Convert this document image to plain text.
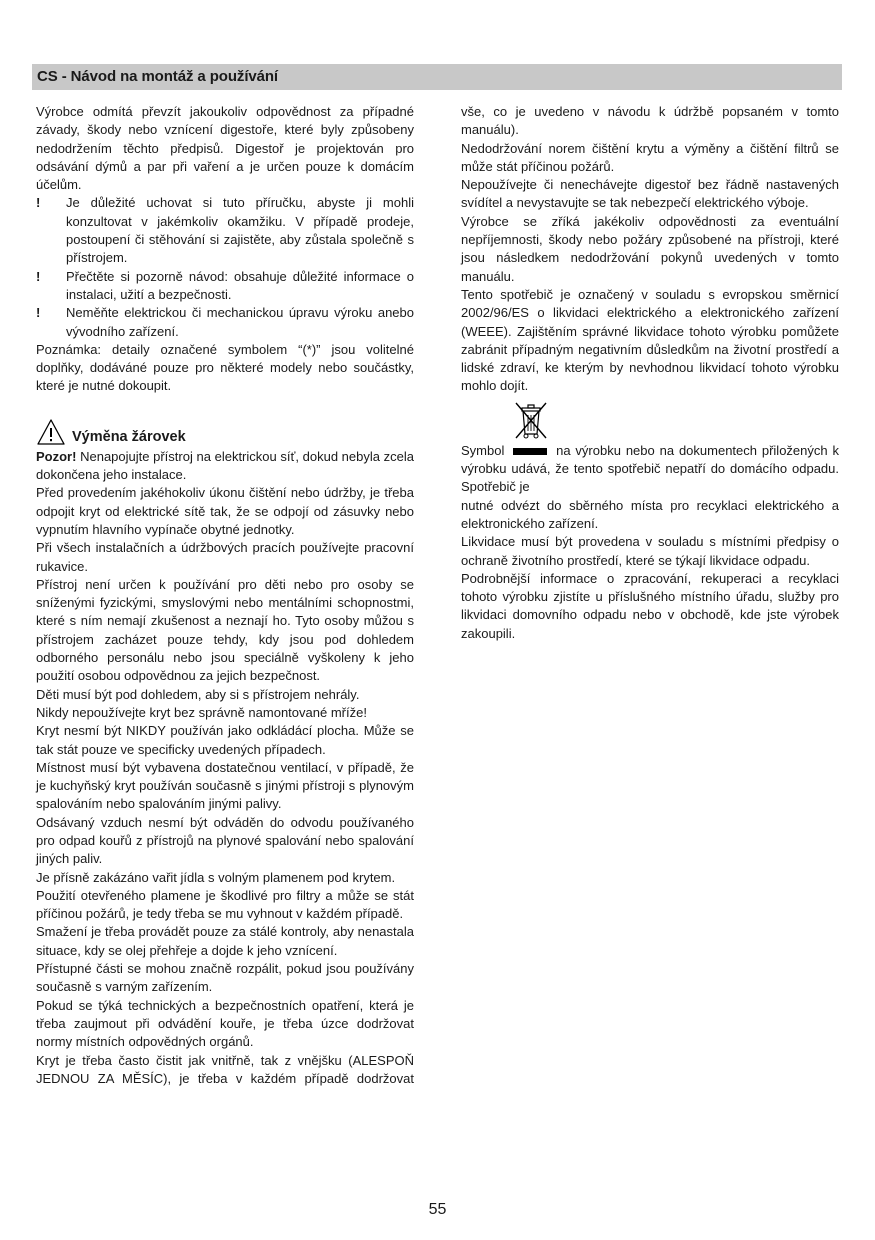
CS - Návod na montáž a používání

Výrobce odmítá převzít jakoukoliv odpovědnost za případné závady, škody nebo vznícení digestoře, které byly způsobeny nedodržením těchto předpisů. Digestoř je projektován pro odsávání dýmů a par při vaření a je určen pouze k domácím účelům.

! Je důležité uchovat si tuto příručku, abyste ji mohli konzultovat v jakémkoliv okamžiku. V případě prodeje, postoupení či stěhování si zajistěte, aby zůstala společně s přístrojem.
! Přečtěte si pozorně návod: obsahuje důležité informace o instalaci, užití a bezpečnosti.
! Neměňte elektrickou či mechanickou úpravu výroku anebo vývodního zařízení.

Poznámka: detaily označené symbolem “(*)” jsou volitelné doplňky, dodáváné pouze pro některé modely nebo součástky, které je nutné dokoupit.

Výměna žárovek

Pozor! Nenapojujte přístroj na elektrickou síť, dokud nebyla zcela dokončena jeho instalace.

Před provedením jakéhokoliv úkonu čištění nebo údržby, je třeba odpojit kryt od elektrické sítě tak, že se odpojí od zásuvky nebo vypnutím hlavního vypínače obytné jednotky.

Při všech instalačních a údržbových pracích používejte pracovní rukavice.

Přístroj není určen k používání pro děti nebo pro osoby se sníženými fyzickými, smyslovými nebo mentálními schopnostmi, které s ním nemají zkušenost a neznají ho. Tyto osoby můžou s přístrojem zacházet pouze tehdy, kdy jsou pod dohledem odborného personálu nebo jsou speciálně vyškoleny k jeho použití osobou odpovědnou za jejich bezpečnost.

Děti musí být pod dohledem, aby si s přístrojem nehrály.

Nikdy nepoužívejte kryt bez správně namontované mříže!

Kryt nesmí být NIKDY používán jako odkládácí plocha. Může se tak stát pouze ve specificky uvedených případech.

Místnost musí být vybavena dostatečnou ventilací, v případě, že je kuchyňský kryt používán současně s jinými přístroji s plynovým spalováním nebo spalováním jinými palivy.

Odsávaný vzduch nesmí být odváděn do odvodu používaného pro odpad kouřů z přístrojů na plynové spalování nebo spalování jiných paliv.

Je přísně zakázáno vařit jídla s volným plamenem pod krytem.

Použití otevřeného plamene je škodlivé pro filtry a může se stát příčinou požárů, je tedy třeba se mu vyhnout v každém případě.

Smažení je třeba provádět pouze za stálé kontroly, aby nenastala situace, kdy se olej přehřeje a dojde k jeho vznícení.

Přístupné části se mohou značně rozpálit, pokud jsou používány současně s varným zařízením.

Pokud se týká technických a bezpečnostních opatření, která je třeba zaujmout při odvádění kouře, je třeba úzce dodržovat normy místních odpovědných orgánů.

Kryt je třeba často čistit jak vnitřně, tak z vnějšku (ALESPOŇ JEDNOU ZA MĚSÍC), je třeba v každém případě dodržovat

vše, co je uvedeno v návodu k údržbě popsaném v tomto manuálu).

Nedodržování norem čištění krytu a výměny a čištění filtrů se může stát příčinou požárů.

Nepoužívejte či nenechávejte digestoř bez řádně nastavených svídítel a nevystavujte se tak nebezpečí elektrického výboje.

Výrobce se zříká jakékoliv odpovědnosti za eventuální nepříjemnosti, škody nebo požáry způsobené na přístroji, které jsou následkem nedodržování pokynů uvedených v tomto manuálu.

Tento spotřebič je označený v souladu s evropskou směrnicí 2002/96/ES o likvidaci elektrického a elektronického zařízení (WEEE). Zajištěním správné likvidace tohoto výrobku pomůžete zabránit případným negativním důsledkům na životní prostředí a lidské zdraví, ke kterým by nevhodnou likvidací tohoto výrobku mohlo dojít.

Symbol	na výrobku nebo na dokumentech přiložených k výrobku udává, že tento spotřebič nepatří do domácího odpadu. Spotřebič je

nutné odvézt do sběrného místa pro recyklaci elektrického a elektronického zařízení.

Likvidace musí být provedena v souladu s místními předpisy o ochraně životního prostředí, které se týkají likvidace odpadu.

Podrobnější informace o zpracování, rekuperaci a recyklaci tohoto výrobku zjistíte u příslušného místního úřadu, služby pro likvidaci domovního odpadu nebo v obchodě, kde jste výrobek zakoupili.

55
